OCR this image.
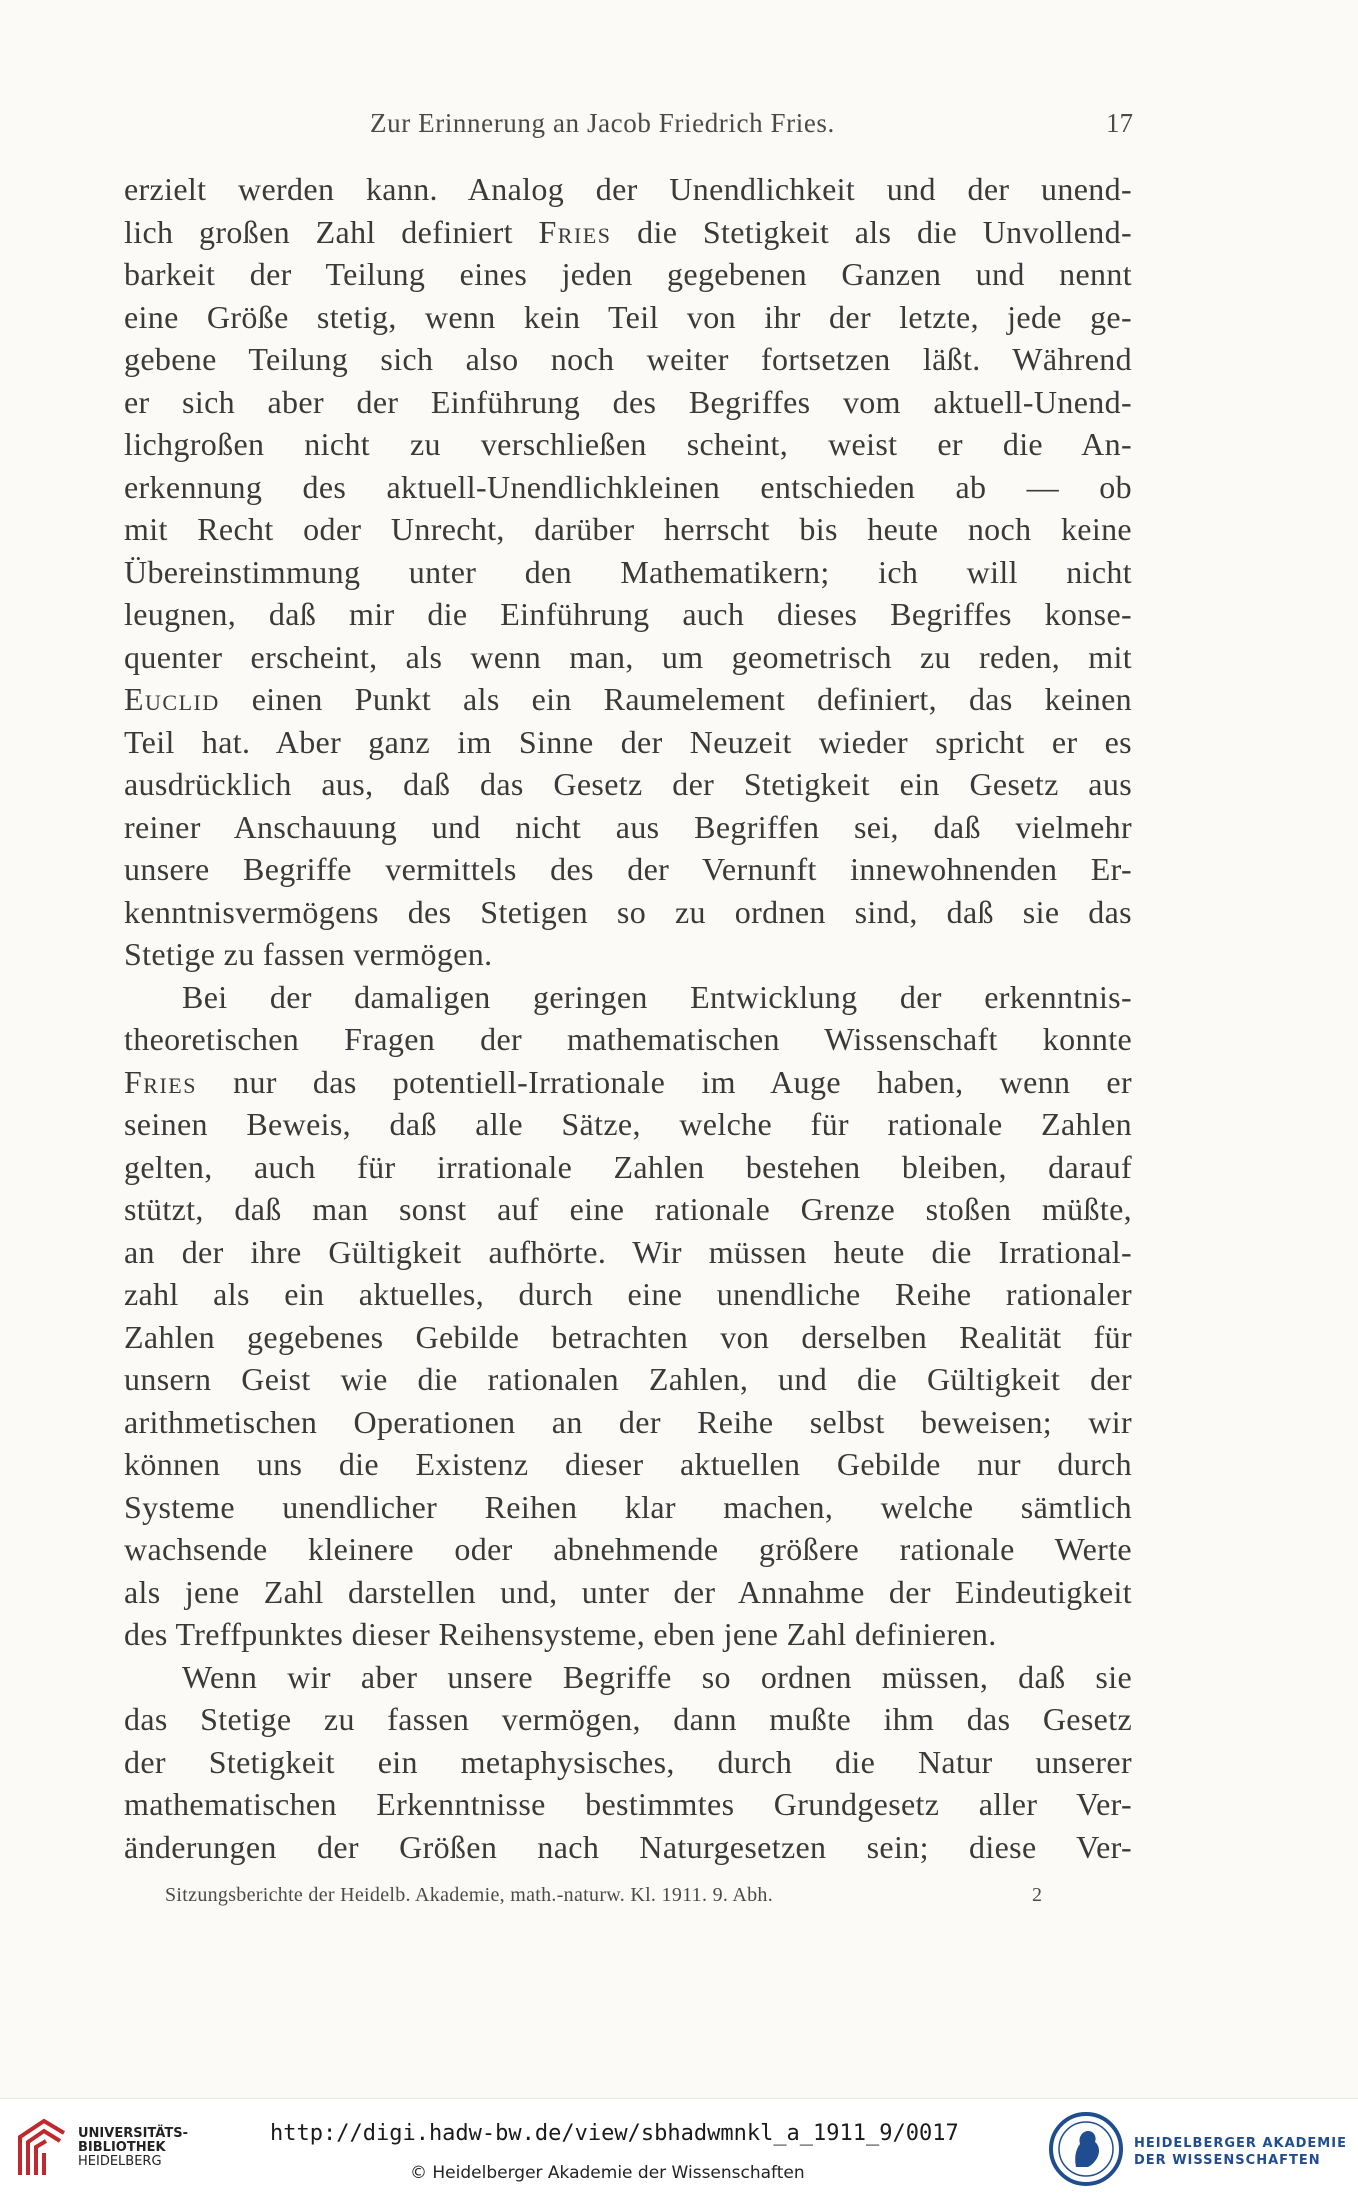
Zur Erinnerung an Jacob Friedrich Fries.	17
erzielt werden kann. Analog der Unendlichkeit und der unend-
lich großen Zahl definiert Fries die Stetigkeit als die Unvollend-
barkeit der Teilung eines jeden gegebenen Ganzen und nennt
eine Größe stetig, wenn kein Teil von ihr der letzte, jede ge-
gebene Teilung sich also noch weiter fortsetzen läßt. Während
er sich aber der Einführung des Begriffes vom aktuell-Unend-
lichgroßen nicht zu verschließen scheint, weist er die An-
erkennung des aktuell-Unendlichkleinen entschieden ab — ob
mit Recht oder Unrecht, darüber herrscht bis heute noch keine
Übereinstimmung unter den Mathematikern; ich will nicht
leugnen, daß mir die Einführung auch dieses Begriffes konse-
quenter erscheint, als wenn man, um geometrisch zu reden, mit
Euclid einen Punkt als ein Raumelement definiert, das keinen
Teil hat. Aber ganz im Sinne der Neuzeit wieder spricht er es
ausdrücklich aus, daß das Gesetz der Stetigkeit ein Gesetz aus
reiner Anschauung und nicht aus Begriffen sei, daß vielmehr
unsere Begriffe vermittels des der Vernunft innewohnenden Er-
kenntnisvermögens des Stetigen so zu ordnen sind, daß sie das
Stetige zu fassen vermögen.
Bei der damaligen geringen Entwicklung der erkenntnis-
theoretischen Fragen der mathematischen Wissenschaft konnte
Fries nur das potentiell-Irrationale im Auge haben, wenn er
seinen Beweis, daß alle Sätze, welche für rationale Zahlen
gelten, auch für irrationale Zahlen bestehen bleiben, darauf
stützt, daß man sonst auf eine rationale Grenze stoßen müßte,
an der ihre Gültigkeit aufhörte. Wir müssen heute die Irrational-
zahl als ein aktuelles, durch eine unendliche Reihe rationaler
Zahlen gegebenes Gebilde betrachten von derselben Realität für
unsern Geist wie die rationalen Zahlen, und die Gültigkeit der
arithmetischen Operationen an der Reihe selbst beweisen; wir
können uns die Existenz dieser aktuellen Gebilde nur durch
Systeme unendlicher Reihen klar machen, welche sämtlich
wachsende kleinere oder abnehmende größere rationale Werte
als jene Zahl darstellen und, unter der Annahme der Eindeutigkeit
des Treffpunktes dieser Reihensysteme, eben jene Zahl definieren.
Wenn wir aber unsere Begriffe so ordnen müssen, daß sie
das Stetige zu fassen vermögen, dann mußte ihm das Gesetz
der Stetigkeit ein metaphysisches, durch die Natur unserer
mathematischen Erkenntnisse bestimmtes Grundgesetz aller Ver-
änderungen der Größen nach Naturgesetzen sein; diese Ver-
Sitzungsberichte der Heidelb. Akademie, math.-naturw. Kl. 1911. 9. Abh.	2
UNIVERSITÄTS-
BIBLIOTHEK
HEIDELBERG
http://digi.hadw-bw.de/view/sbhadwmnkl_a_1911_9/0017
© Heidelberger Akademie der Wissenschaften
HEIDELBERGER AKADEMIE
DER WISSENSCHAFTEN
